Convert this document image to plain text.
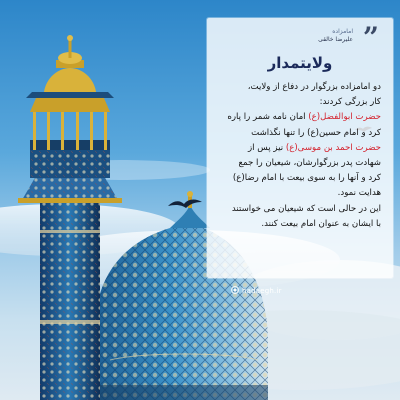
”
امامزاده
علیرضا خالقی
ولایتمدار
دو امامزاده بزرگوار در دفاع از ولایت،
کار بزرگی کردند:
حضرت ابوالفضل(ع) امان نامه شمر را پاره
کرد و امام حسین(ع) را تنها نگذاشت
حضرت احمد بن موسی(ع) نیز پس از
شهادت پدر بزرگوارشان، شیعیان را جمع
کرد و آنها را به سوی بیعت با امام رضا(ع)
هدایت نمود.
این در حالی است که شیعیان می خواستند
با ایشان به عنوان امام بیعت کنند.
hadaegh.ir
